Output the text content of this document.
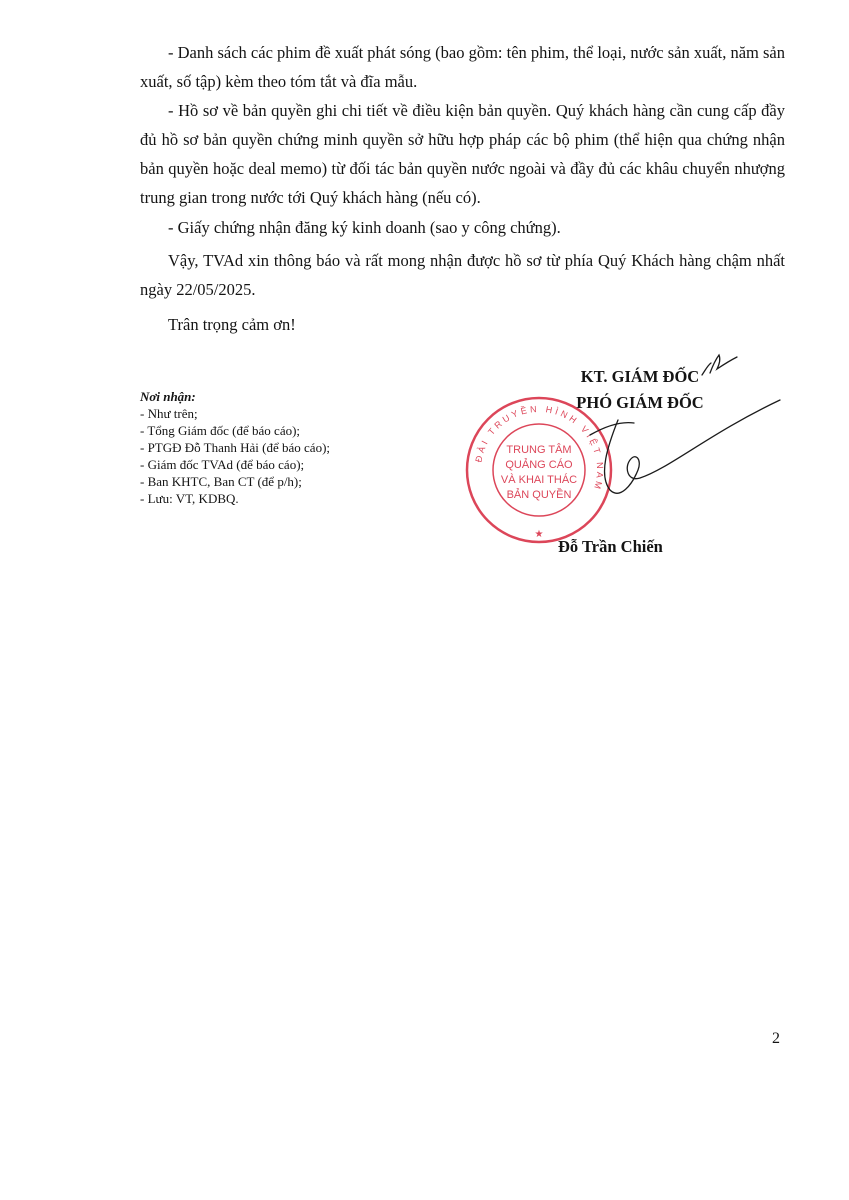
- Danh sách các phim đề xuất phát sóng (bao gồm: tên phim, thể loại, nước sản xuất, năm sản xuất, số tập) kèm theo tóm tắt và đĩa mẫu.
- Hồ sơ về bản quyền ghi chi tiết về điều kiện bản quyền. Quý khách hàng cần cung cấp đầy đủ hồ sơ bản quyền chứng minh quyền sở hữu hợp pháp các bộ phim (thể hiện qua chứng nhận bản quyền hoặc deal memo) từ đối tác bản quyền nước ngoài và đầy đủ các khâu chuyển nhượng trung gian trong nước tới Quý khách hàng (nếu có).
- Giấy chứng nhận đăng ký kinh doanh (sao y công chứng).
Vậy, TVAd xin thông báo và rất mong nhận được hồ sơ từ phía Quý Khách hàng chậm nhất ngày 22/05/2025.
Trân trọng cảm ơn!
Nơi nhận:
- Như trên;
- Tổng Giám đốc (để báo cáo);
- PTGĐ Đỗ Thanh Hải (để báo cáo);
- Giám đốc TVAd (để báo cáo);
- Ban KHTC, Ban CT (để p/h);
- Lưu: VT, KDBQ.
ĐÀI TRUYỀN HÌNH VIỆT NAM
TRUNG TÂM
QUẢNG CÁO
VÀ KHAI THÁC
BẢN QUYỀN
★
KT. GIÁM ĐỐC
PHÓ GIÁM ĐỐC
Đỗ Trần Chiến
2
